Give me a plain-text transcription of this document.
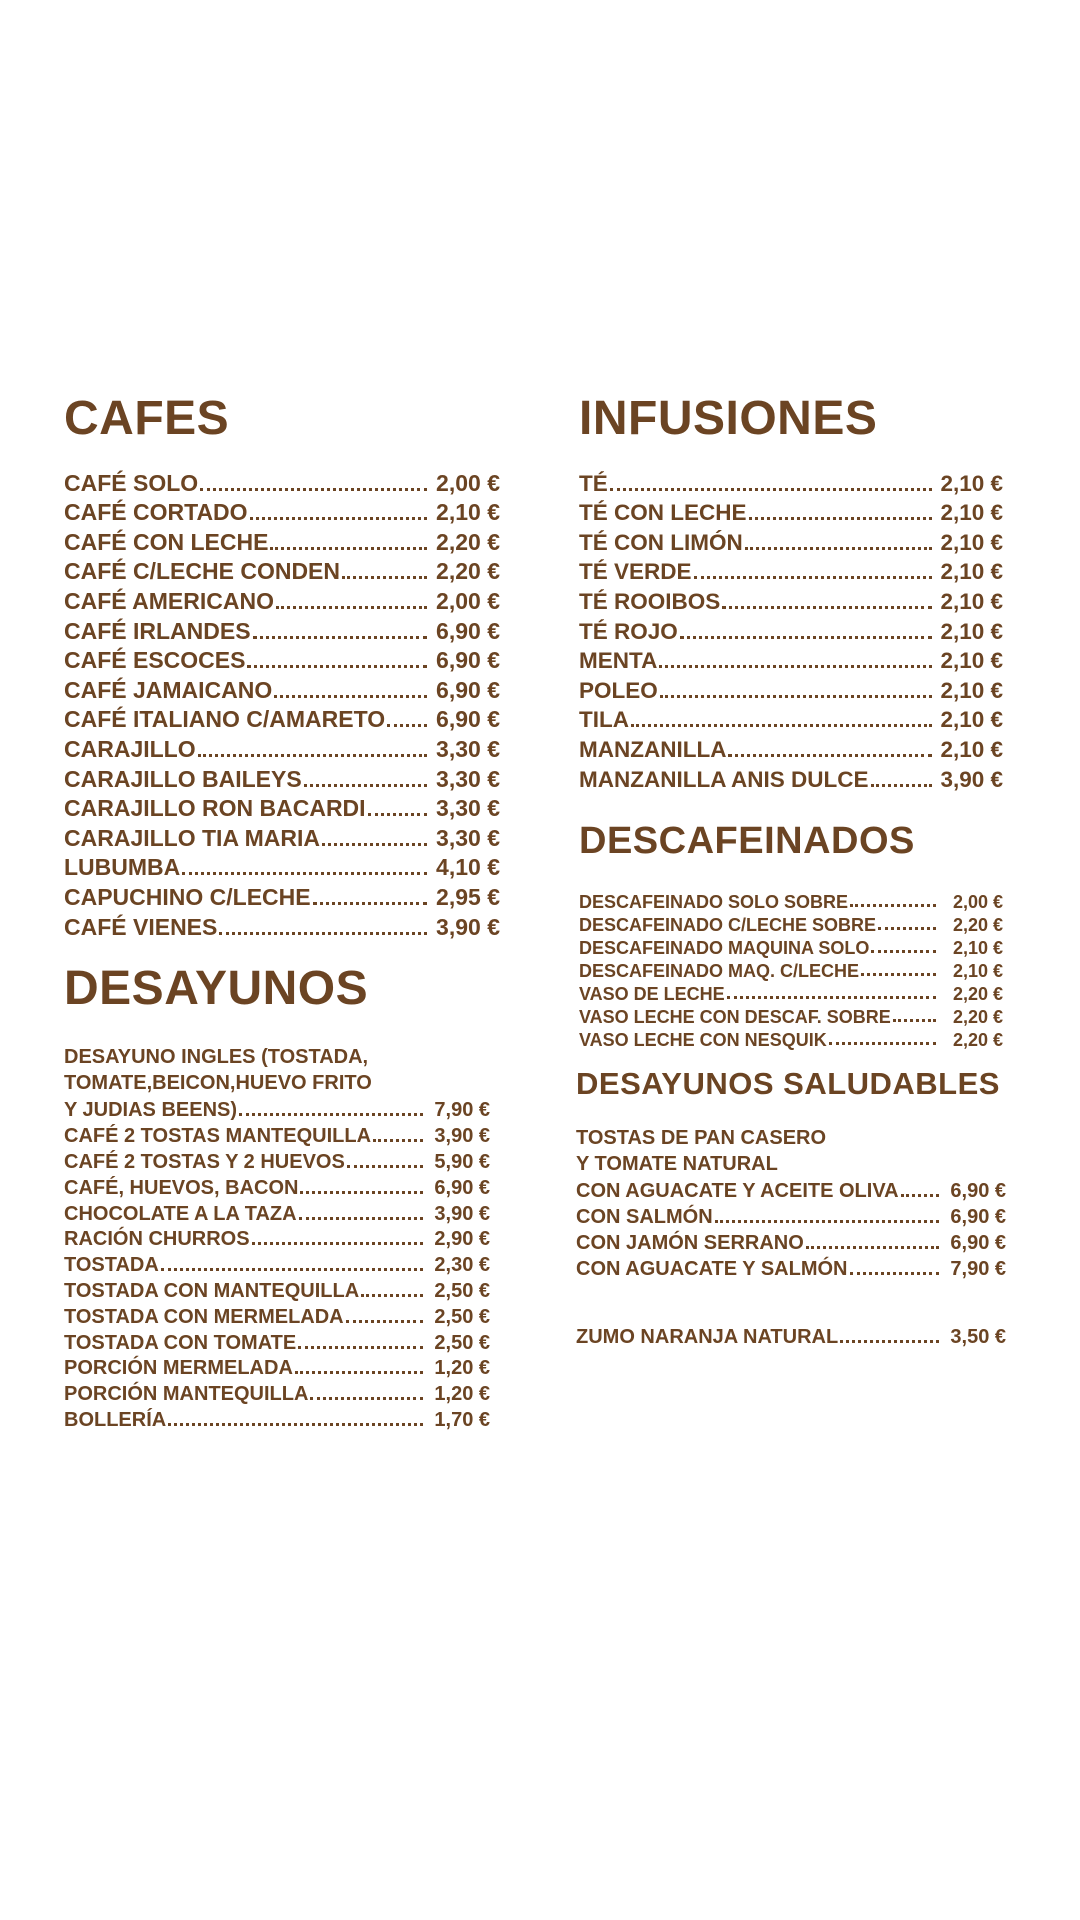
CAFES
CAFÉ SOLO	2,00 €
CAFÉ CORTADO	2,10 €
CAFÉ CON LECHE	2,20 €
CAFÉ C/LECHE CONDEN	2,20 €
CAFÉ AMERICANO	2,00 €
CAFÉ IRLANDES	6,90 €
CAFÉ ESCOCES	6,90 €
CAFÉ JAMAICANO	6,90 €
CAFÉ ITALIANO C/AMARETO 6,90 €
CARAJILLO	3,30 €
CARAJILLO BAILEYS	3,30 €
CARAJILLO RON BACARDI	3,30 €
CARAJILLO TIA MARIA	3,30 €
LUBUMBA	4,10 €
CAPUCHINO C/LECHE	2,95 €
CAFÉ VIENES	3,90 €
DESAYUNOS
DESAYUNO INGLES (TOSTADA,
TOMATE,BEICON,HUEVO FRITO
Y JUDIAS BEENS)	7,90 €
CAFÉ 2 TOSTAS MANTEQUILLA	3,90 €
CAFÉ 2 TOSTAS Y 2 HUEVOS	5,90 €
CAFÉ, HUEVOS, BACON	6,90 €
CHOCOLATE A LA TAZA	3,90 €
RACIÓN CHURROS	2,90 €
TOSTADA	2,30 €
TOSTADA CON MANTEQUILLA	2,50 €
TOSTADA CON MERMELADA	2,50 €
TOSTADA CON TOMATE	2,50 €
PORCIÓN MERMELADA	1,20 €
PORCIÓN MANTEQUILLA	1,20 €
BOLLERÍA	1,70 €
INFUSIONES
TÉ	2,10 €
TÉ CON LECHE	2,10 €
TÉ CON LIMÓN	2,10 €
TÉ VERDE	2,10 €
TÉ ROOIBOS	2,10 €
TÉ ROJO	2,10 €
MENTA	2,10 €
POLEO	2,10 €
TILA	2,10 €
MANZANILLA	2,10 €
MANZANILLA ANIS DULCE	3,90 €
DESCAFEINADOS
DESCAFEINADO SOLO SOBRE	2,00 €
DESCAFEINADO C/LECHE SOBRE	2,20 €
DESCAFEINADO MAQUINA SOLO	2,10 €
DESCAFEINADO MAQ. C/LECHE	2,10 €
VASO DE LECHE	2,20 €
VASO LECHE CON DESCAF. SOBRE	2,20 €
VASO LECHE CON NESQUIK	2,20 €
DESAYUNOS SALUDABLES
TOSTAS DE PAN CASERO
Y TOMATE NATURAL
CON AGUACATE Y ACEITE OLIVA	6,90 €
CON SALMÓN	6,90 €
CON JAMÓN SERRANO	6,90 €
CON AGUACATE Y SALMÓN	7,90 €
ZUMO NARANJA NATURAL	3,50 €
